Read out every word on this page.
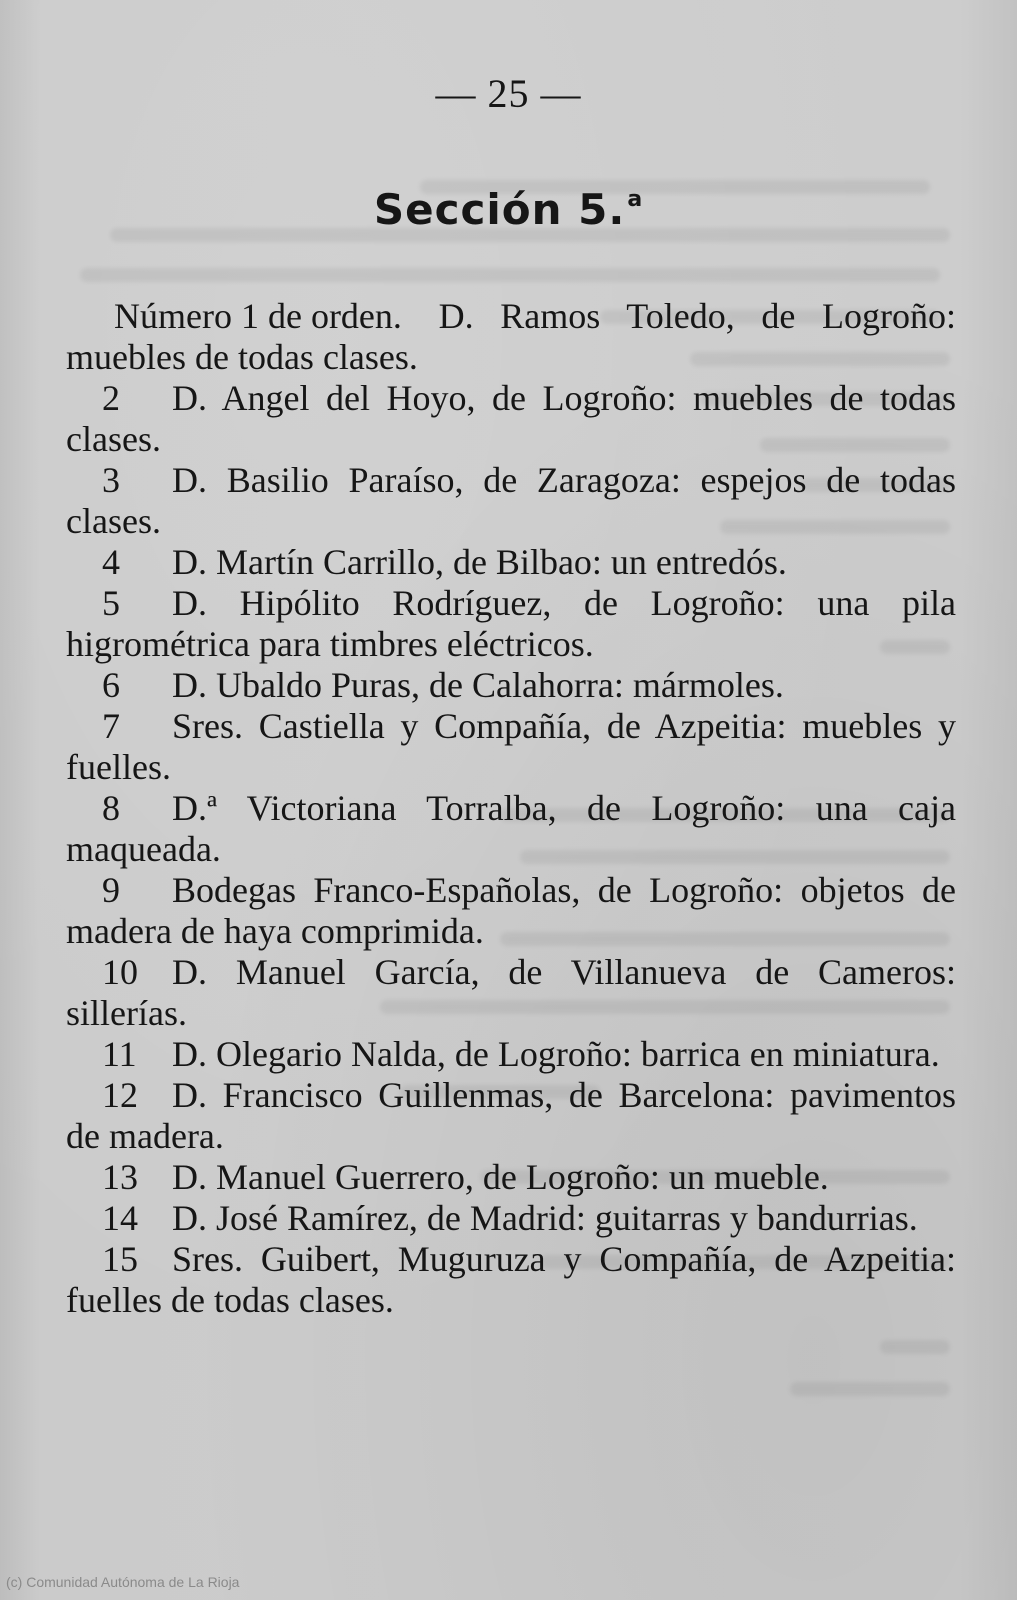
— 25 —
Sección 5.$^a$

Número 1 de orden. D. Ramos Toledo, de Logroño: muebles de todas clases.

2 D. Angel del Hoyo, de Logroño: muebles de todas clases.

3 D. Basilio Paraíso, de Zaragoza: espejos de todas clases.

4 D. Martín Carrillo, de Bilbao: un entredós.

5 D. Hipólito Rodríguez, de Logroño: una pila higrométrica para timbres eléctricos.

6 D. Ubaldo Puras, de Calahorra: mármoles.

7 Sres. Castiella y Compañía, de Azpeitia: muebles y fuelles.

8 D.ª Victoriana Torralba, de Logroño: una caja maqueada.

9 Bodegas Franco-Españolas, de Logroño: objetos de madera de haya comprimida.

10 D. Manuel García, de Villanueva de Cameros: sillerías.

11 D. Olegario Nalda, de Logroño: barrica en miniatura.

12 D. Francisco Guillenmas, de Barcelona: pavimentos de madera.

13 D. Manuel Guerrero, de Logroño: un mueble.

14 D. José Ramírez, de Madrid: guitarras y bandurrias.

15 Sres. Guibert, Muguruza y Compañía, de Azpeitia: fuelles de todas clases.

(c) Comunidad Autónoma de La Rioja
